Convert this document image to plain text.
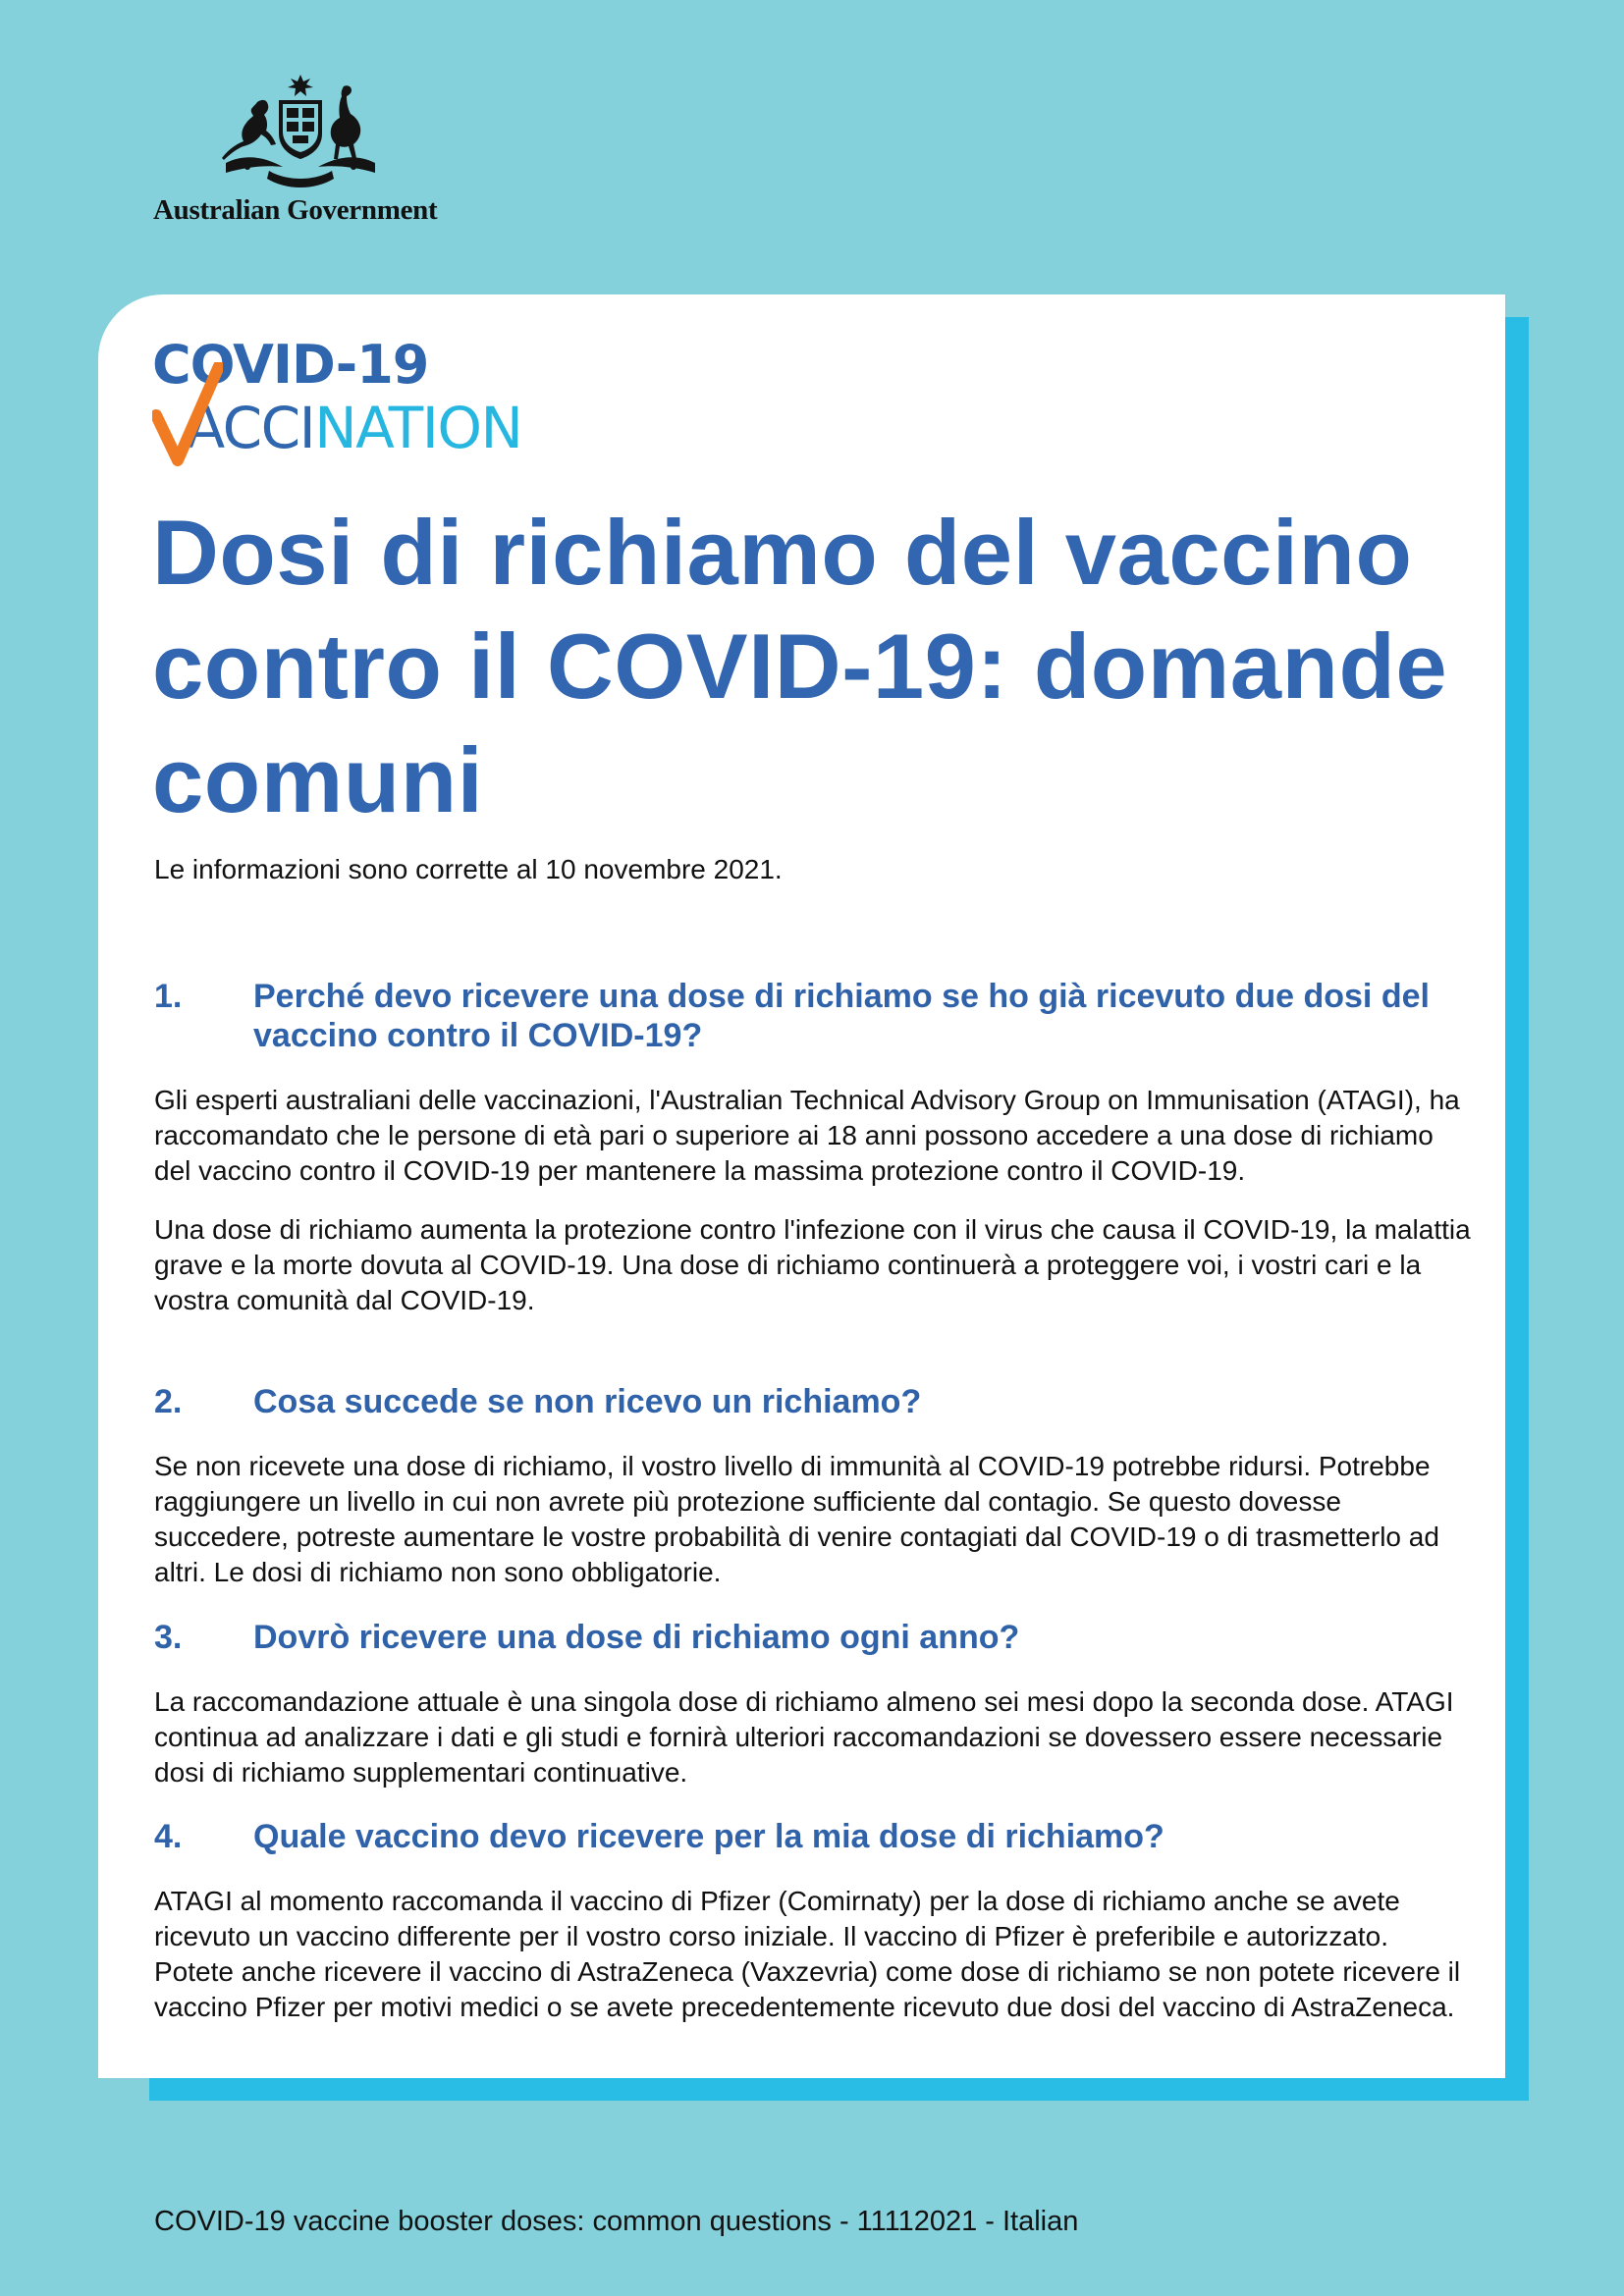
Australian Government
COVID-19
ACCINATION
Dosi di richiamo del vaccino contro il COVID-19: domande comuni
Le informazioni sono corrette al 10 novembre 2021.
1.	Perché devo ricevere una dose di richiamo se ho già ricevuto due dosi del vaccino contro il COVID-19?

Gli esperti australiani delle vaccinazioni, l'Australian Technical Advisory Group on Immunisation (ATAGI), ha raccomandato che le persone di età pari o superiore ai 18 anni possono accedere a una dose di richiamo del vaccino contro il COVID-19 per mantenere la massima protezione contro il COVID-19.

Una dose di richiamo aumenta la protezione contro l'infezione con il virus che causa il COVID-19, la malattia grave e la morte dovuta al COVID-19. Una dose di richiamo continuerà a proteggere voi, i vostri cari e la vostra comunità dal COVID-19.

2.	Cosa succede se non ricevo un richiamo?

Se non ricevete una dose di richiamo, il vostro livello di immunità al COVID-19 potrebbe ridursi. Potrebbe raggiungere un livello in cui non avrete più protezione sufficiente dal contagio. Se questo dovesse succedere, potreste aumentare le vostre probabilità di venire contagiati dal COVID-19 o di trasmetterlo ad altri. Le dosi di richiamo non sono obbligatorie.

3.	Dovrò ricevere una dose di richiamo ogni anno?

La raccomandazione attuale è una singola dose di richiamo almeno sei mesi dopo la seconda dose. ATAGI continua ad analizzare i dati e gli studi e fornirà ulteriori raccomandazioni se dovessero essere necessarie dosi di richiamo supplementari continuative.

4.	Quale vaccino devo ricevere per la mia dose di richiamo?

ATAGI al momento raccomanda il vaccino di Pfizer (Comirnaty) per la dose di richiamo anche se avete ricevuto un vaccino differente per il vostro corso iniziale. Il vaccino di Pfizer è preferibile e autorizzato. Potete anche ricevere il vaccino di AstraZeneca (Vaxzevria) come dose di richiamo se non potete ricevere il vaccino Pfizer per motivi medici o se avete precedentemente ricevuto due dosi del vaccino di AstraZeneca.

COVID-19 vaccine booster doses: common questions - 11112021 - Italian
